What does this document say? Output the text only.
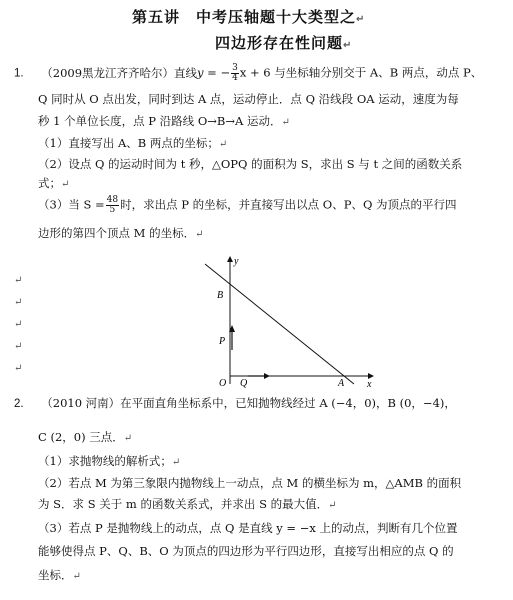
第五讲　中考压轴题十大类型之↵
四边形存在性问题↵
1. （2009黑龙江齐齐哈尔）直线y = − $\frac{3}{4}$ x + 6 与坐标轴分别交于 A、B 两点，动点 P、
Q 同时从 O 点出发，同时到达 A 点，运动停止．点 Q 沿线段 OA 运动，速度为每
秒 1 个单位长度，点 P 沿路线 O→B→A 运动．↵
（1）直接写出 A、B 两点的坐标；↵
（2）设点 Q 的运动时间为 t 秒，△OPQ 的面积为 S，求出 S 与 t 之间的函数关系
式；↵
（3）当 $S = \frac{48}{5}$ 时，求出点 P 的坐标，并直接写出以点 O、P、Q 为顶点的平行四
边形的第四个顶点 M 的坐标．↵
↵
↵
↵
↵
↵
y
x
B
P
O Q	A
2. （2010 河南）在平面直角坐标系中，已知抛物线经过 A (−4，0)，B (0，−4)，
C (2，0) 三点．↵
（1）求抛物线的解析式；↵
（2）若点 M 为第三象限内抛物线上一动点，点 M 的横坐标为 m，△AMB 的面积
为 S．求 S 关于 m 的函数关系式，并求出 S 的最大值．↵
（3）若点 P 是抛物线上的动点，点 Q 是直线 y = −x 上的动点，判断有几个位置
能够使得点 P、Q、B、O 为顶点的四边形为平行四边形，直接写出相应的点 Q 的
坐标．↵
